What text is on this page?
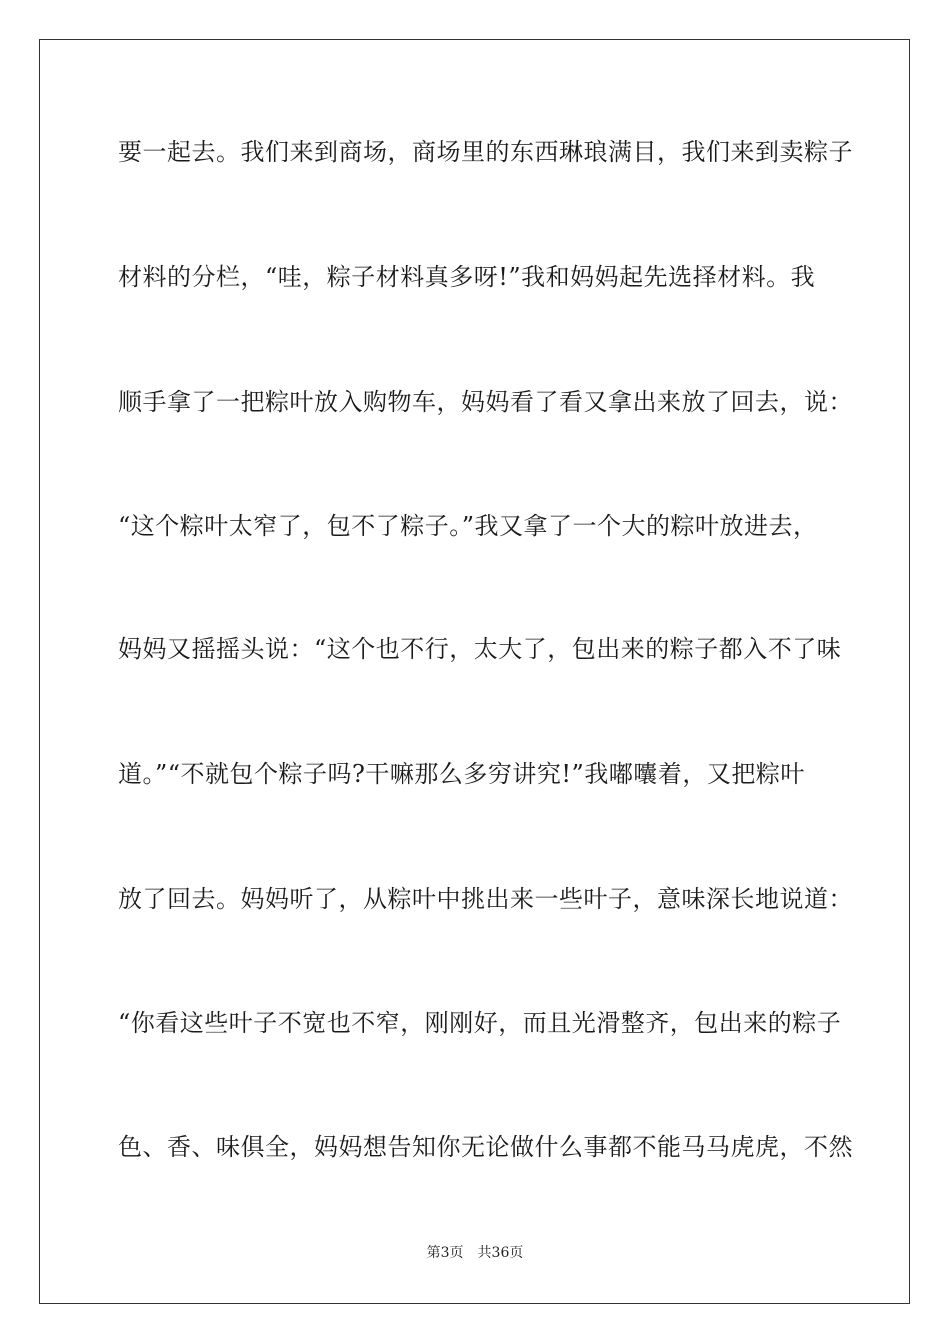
要一起去。我们来到商场，商场里的东西琳琅满目，我们来到卖粽子
材料的分栏，“哇，粽子材料真多呀!”我和妈妈起先选择材料。我
顺手拿了一把粽叶放入购物车，妈妈看了看又拿出来放了回去，说：
“这个粽叶太窄了，包不了粽子。”我又拿了一个大的粽叶放进去，
妈妈又摇摇头说：“这个也不行，太大了，包出来的粽子都入不了味
道。”“不就包个粽子吗?干嘛那么多穷讲究!”我嘟囔着，又把粽叶
放了回去。妈妈听了，从粽叶中挑出来一些叶子，意味深长地说道：
“你看这些叶子不宽也不窄，刚刚好，而且光滑整齐，包出来的粽子
色、香、味俱全，妈妈想告知你无论做什么事都不能马马虎虎，不然
第3页 共36页
